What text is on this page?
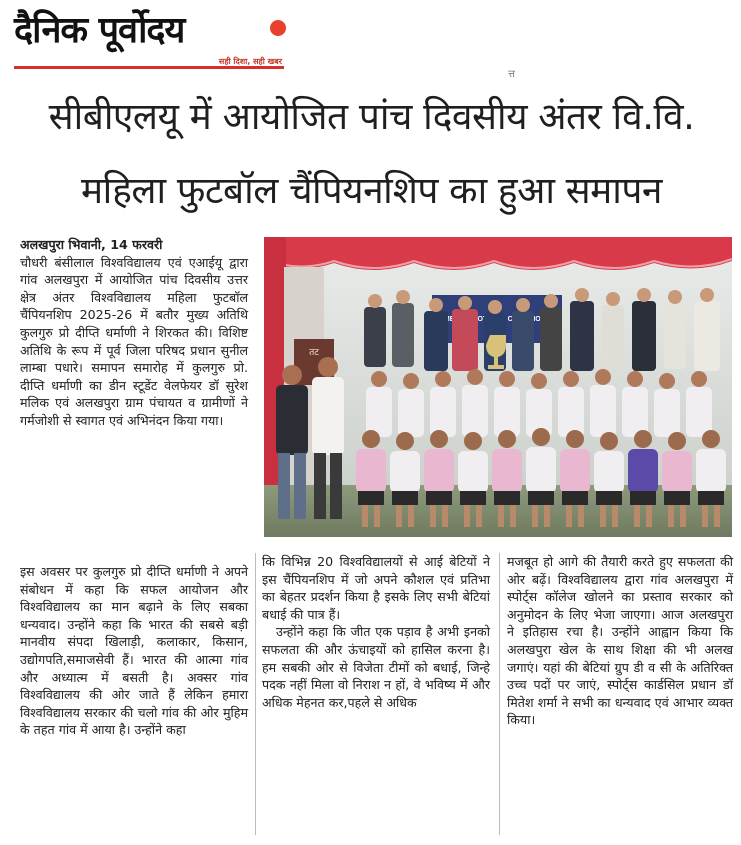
दैनिक पूर्वोदय
सही दिशा, सही खबर
त्त
सीबीएलयू में आयोजित पांच दिवसीय अंतर वि.वि.
महिला फुटबॉल चैंपियनशिप का हुआ समापन

अलखपुरा भिवानी, 14 फरवरी

चौधरी बंसीलाल विश्वविद्यालय एवं एआईयू द्वारा गांव अलखपुरा में आयोजित पांच दिवसीय उत्तर क्षेत्र अंतर विश्वविद्यालय महिला फुटबॉल चैंपियनशिप 2025-26 में बतौर मुख्य अतिथि कुलगुरु प्रो दीप्ति धर्माणी ने शिरकत की। विशिष्ट अतिथि के रूप में पूर्व जिला परिषद प्रधान सुनील लाम्बा पधारे। समापन समारोह में कुलगुरु प्रो. दीप्ति धर्माणी का डीन स्टूडेंट वेलफेयर डॉ सुरेश मलिक एवं अलखपुरा ग्राम पंचायत व ग्रामीणों ने गर्मजोशी से स्वागत एवं अभिनंदन किया गया।

इस अवसर पर कुलगुरु प्रो दीप्ति धर्माणी ने अपने संबोधन में कहा कि सफल आयोजन और विश्वविद्यालय का मान बढ़ाने के लिए सबका धन्यवाद। उन्होंने कहा कि भारत की सबसे बड़ी मानवीय संपदा खिलाड़ी, कलाकार, किसान, उद्योगपति,समाजसेवी हैं। भारत की आत्मा गांव और अध्यात्म में बसती है। अक्सर गांव विश्वविद्यालय की ओर जाते हैं लेकिन हमारा विश्वविद्यालय सरकार की चलो गांव की ओर मुहिम के तहत गांव में आया है। उन्होंने कहा

कि विभिन्न 20 विश्वविद्यालयों से आई बेटियों ने इस चैंपियनशिप में जो अपने कौशल एवं प्रतिभा का बेहतर प्रदर्शन किया है इसके लिए सभी बेटियां बधाई की पात्र हैं।

उन्होंने कहा कि जीत एक पड़ाव है अभी इनको सफलता की और ऊंचाइयों को हासिल करना है। हम सबकी ओर से विजेता टीमों को बधाई, जिन्हे पदक नहीं मिला वो निराश न हों, वे भविष्य में और अधिक मेहनत कर,पहले से अधिक

मजबूत हो आगे की तैयारी करते हुए सफलता की ओर बढ़ें। विश्वविद्यालय द्वारा गांव अलखपुरा में स्पोर्ट्स कॉलेज खोलने का प्रस्ताव सरकार को अनुमोदन के लिए भेजा जाएगा। आज अलखपुरा ने इतिहास रचा है। उन्होंने आह्वान किया कि अलखपुरा खेल के साथ शिक्षा की भी अलख जगाएं। यहां की बेटियां ग्रुप डी व सी के अतिरिक्त उच्च पदों पर जाएं, स्पोर्ट्स कार्डसिल प्रधान डॉ मितेश शर्मा ने सभी का धन्यवाद एवं आभार व्यक्त किया।

WOMEN'S CHAMPIONSHIP
तट
